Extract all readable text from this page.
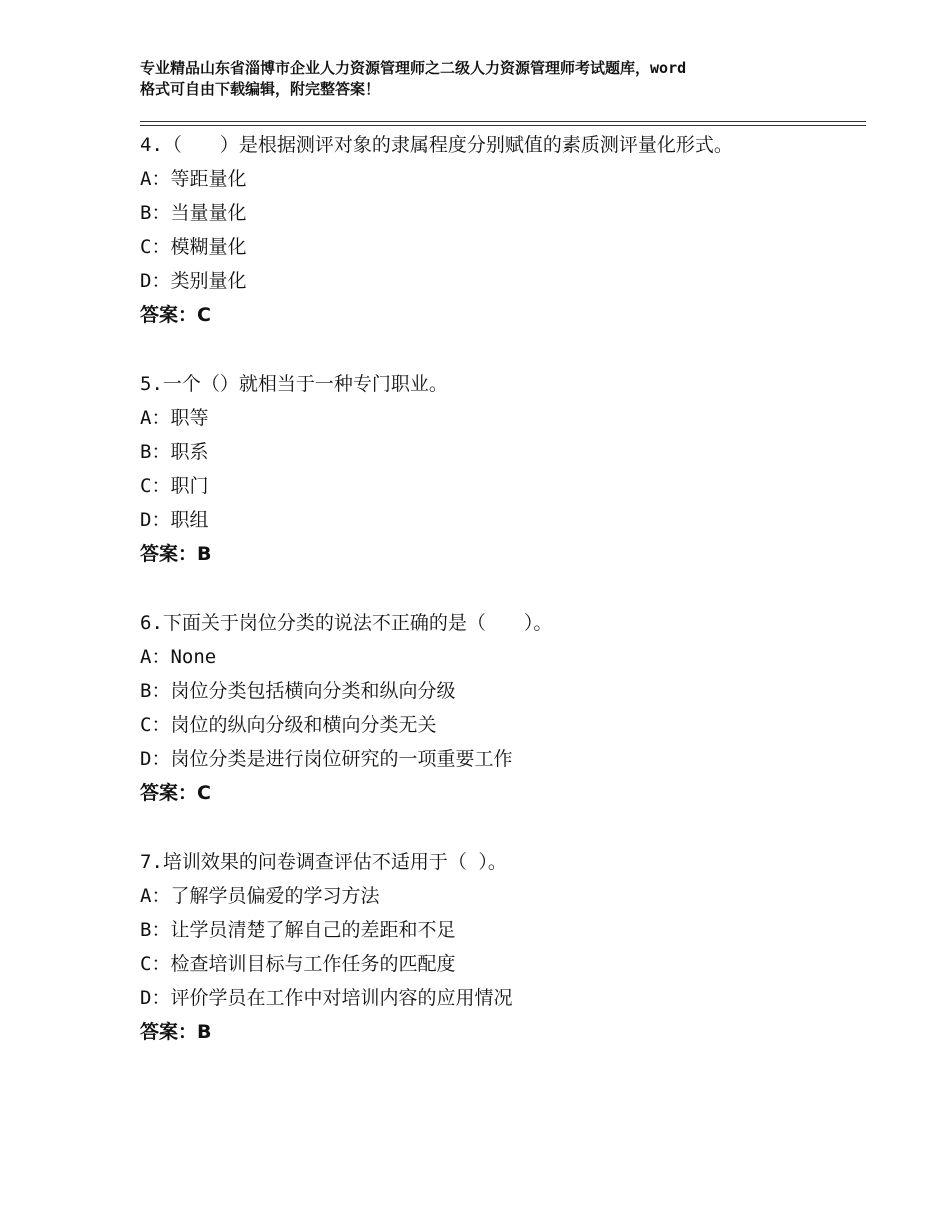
专业精品山东省淄博市企业人力资源管理师之二级人力资源管理师考试题库，word
格式可自由下载编辑，附完整答案！

4.（　　）是根据测评对象的隶属程度分别赋值的素质测评量化形式。

A：等距量化

B：当量量化

C：模糊量化

D：类别量化

答案：C

5.一个（）就相当于一种专门职业。

A：职等

B：职系

C：职门

D：职组

答案：B

6.下面关于岗位分类的说法不正确的是（　　）。

A：None

B：岗位分类包括横向分类和纵向分级

C：岗位的纵向分级和横向分类无关

D：岗位分类是进行岗位研究的一项重要工作

答案：C

7.培训效果的问卷调查评估不适用于（ ）。

A：了解学员偏爱的学习方法

B：让学员清楚了解自己的差距和不足

C：检查培训目标与工作任务的匹配度

D：评价学员在工作中对培训内容的应用情况

答案：B
